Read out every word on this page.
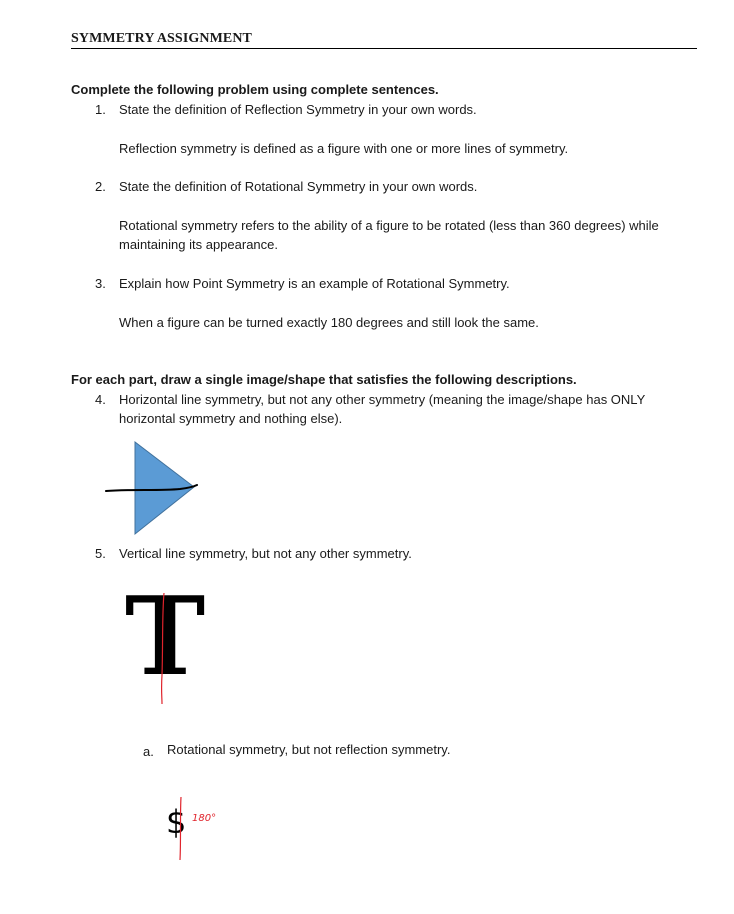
SYMMETRY ASSIGNMENT
Complete the following problem using complete sentences.
1. State the definition of Reflection Symmetry in your own words.
Reflection symmetry is defined as a figure with one or more lines of symmetry.
2. State the definition of Rotational Symmetry in your own words.
Rotational symmetry refers to the ability of a figure to be rotated (less than 360 degrees) while
maintaining its appearance.
3. Explain how Point Symmetry is an example of Rotational Symmetry.
When a figure can be turned exactly 180 degrees and still look the same.
For each part, draw a single image/shape that satisfies the following descriptions.
4. Horizontal line symmetry, but not any other symmetry (meaning the image/shape has ONLY
horizontal symmetry and nothing else).
5. Vertical line symmetry, but not any other symmetry.
T
a. Rotational symmetry, but not reflection symmetry.
$ 180°
